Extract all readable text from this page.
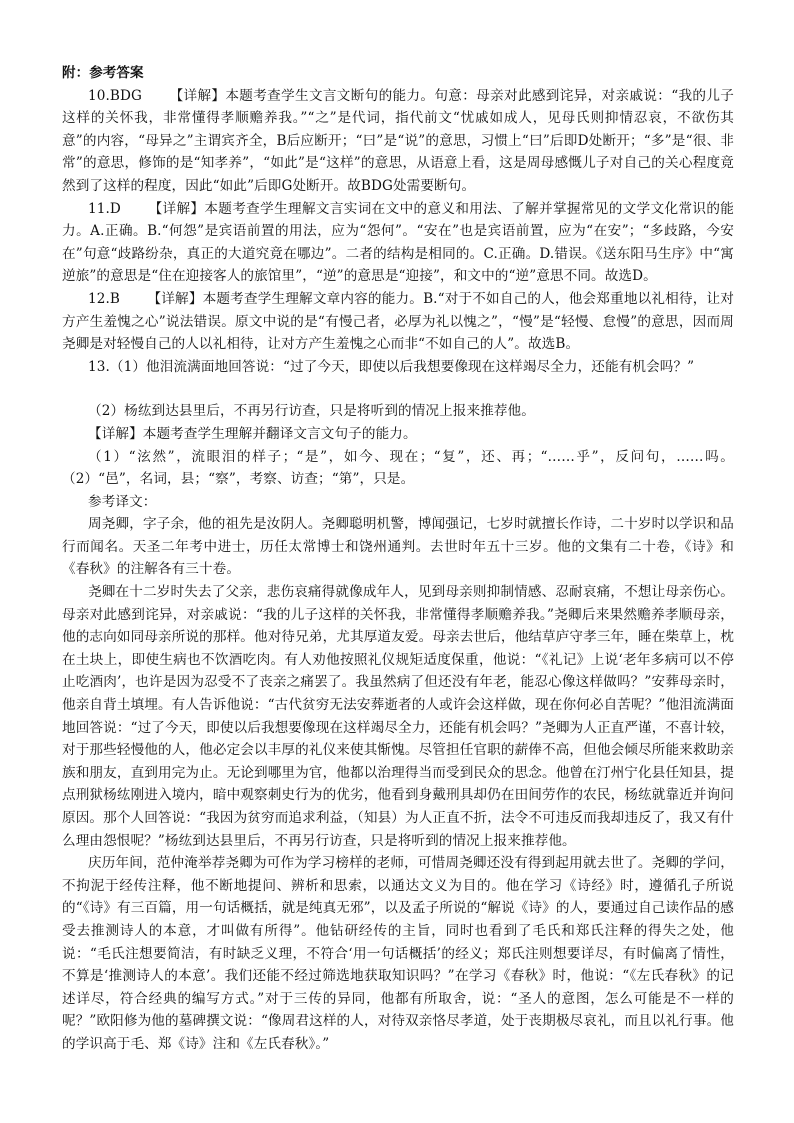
附：参考答案

10.BDG   【详解】本题考查学生文言文断句的能力。句意：母亲对此感到诧异，对亲戚说：“我的儿子这样的关怀我，非常懂得孝顺赡养我。”“之”是代词，指代前文“忧戚如成人，见母氏则抑情忍哀，不欲伤其意”的内容，“母异之”主谓宾齐全，B后应断开；“曰”是“说”的意思，习惯上“曰”后即D处断开；“多”是“很、非常”的意思，修饰的是“知孝养”，“如此”是“这样”的意思，从语意上看，这是周母感慨儿子对自己的关心程度竟然到了这样的程度，因此“如此”后即G处断开。故BDG处需要断句。

11.D   【详解】本题考查学生理解文言实词在文中的意义和用法、了解并掌握常见的文学文化常识的能力。A.正确。B.“何怨”是宾语前置的用法，应为“怨何”。“安在”也是宾语前置，应为“在安”；“多歧路，今安在”句意“歧路纷杂，真正的大道究竟在哪边”。二者的结构是相同的。C.正确。D.错误。《送东阳马生序》中“寓逆旅”的意思是“住在迎接客人的旅馆里”，“逆”的意思是“迎接”，和文中的“逆”意思不同。故选D。

12.B   【详解】本题考查学生理解文章内容的能力。B.“对于不如自己的人，他会郑重地以礼相待，让对方产生羞愧之心”说法错误。原文中说的是“有慢己者，必厚为礼以愧之”，“慢”是“轻慢、怠慢”的意思，因而周尧卿是对轻慢自己的人以礼相待，让对方产生羞愧之心而非“不如自己的人”。故选B。

13.（1）他泪流满面地回答说：“过了今天，即使以后我想要像现在这样竭尽全力，还能有机会吗？”

（2）杨纮到达县里后，不再另行访查，只是将听到的情况上报来推荐他。

【详解】本题考查学生理解并翻译文言文句子的能力。

（1）“泫然”，流眼泪的样子；“是”，如今、现在；“复”，还、再；“……乎”，反问句，……吗。（2）“邑”，名词，县；“察”，考察、访查；“第”，只是。

参考译文：

周尧卿，字子余，他的祖先是汝阴人。尧卿聪明机警，博闻强记，七岁时就擅长作诗，二十岁时以学识和品行而闻名。天圣二年考中进士，历任太常博士和饶州通判。去世时年五十三岁。他的文集有二十卷，《诗》和《春秋》的注解各有三十卷。

尧卿在十二岁时失去了父亲，悲伤哀痛得就像成年人，见到母亲则抑制情感、忍耐哀痛，不想让母亲伤心。母亲对此感到诧异，对亲戚说：“我的儿子这样的关怀我，非常懂得孝顺赡养我。”尧卿后来果然赡养孝顺母亲，他的志向如同母亲所说的那样。他对待兄弟，尤其厚道友爱。母亲去世后，他结草庐守孝三年，睡在柴草上，枕在土块上，即使生病也不饮酒吃肉。有人劝他按照礼仪规矩适度保重，他说：“《礼记》上说‘老年多病可以不停止吃酒肉’，也许是因为忍受不了丧亲之痛罢了。我虽然病了但还没有年老，能忍心像这样做吗？”安葬母亲时，他亲自背土填埋。有人告诉他说：“古代贫穷无法安葬逝者的人或许会这样做，现在你何必自苦呢？”他泪流满面地回答说：“过了今天，即使以后我想要像现在这样竭尽全力，还能有机会吗？”尧卿为人正直严谨，不喜计较，对于那些轻慢他的人，他必定会以丰厚的礼仪来使其惭愧。尽管担任官职的薪俸不高，但他会倾尽所能来救助亲族和朋友，直到用完为止。无论到哪里为官，他都以治理得当而受到民众的思念。他曾在汀州宁化县任知县，提点刑狱杨纮刚进入境内，暗中观察刺史行为的优劣，他看到身戴刑具却仍在田间劳作的农民，杨纮就靠近并询问原因。那个人回答说：“我因为贫穷而追求利益，（知县）为人正直不折，法令不可违反而我却违反了，我又有什么理由怨恨呢？”杨纮到达县里后，不再另行访查，只是将听到的情况上报来推荐他。

庆历年间，范仲淹举荐尧卿为可作为学习榜样的老师，可惜周尧卿还没有得到起用就去世了。尧卿的学问，不拘泥于经传注释，他不断地提问、辨析和思索，以通达文义为目的。他在学习《诗经》时，遵循孔子所说的“《诗》有三百篇，用一句话概括，就是纯真无邪”，以及孟子所说的“解说《诗》的人，要通过自己读作品的感受去推测诗人的本意，才叫做有所得”。他钻研经传的主旨，同时也看到了毛氏和郑氏注释的得失之处，他说：“毛氏注想要简洁，有时缺乏义理，不符合‘用一句话概括’的经义；郑氏注则想要详尽，有时偏离了情性，不算是‘推测诗人的本意’。我们还能不经过筛选地获取知识吗？”在学习《春秋》时，他说：“《左氏春秋》的记述详尽，符合经典的编写方式。”对于三传的异同，他都有所取舍，说：“圣人的意图，怎么可能是不一样的呢？”欧阳修为他的墓碑撰文说：“像周君这样的人，对待双亲恪尽孝道，处于丧期极尽哀礼，而且以礼行事。他的学识高于毛、郑《诗》注和《左氏春秋》。”
